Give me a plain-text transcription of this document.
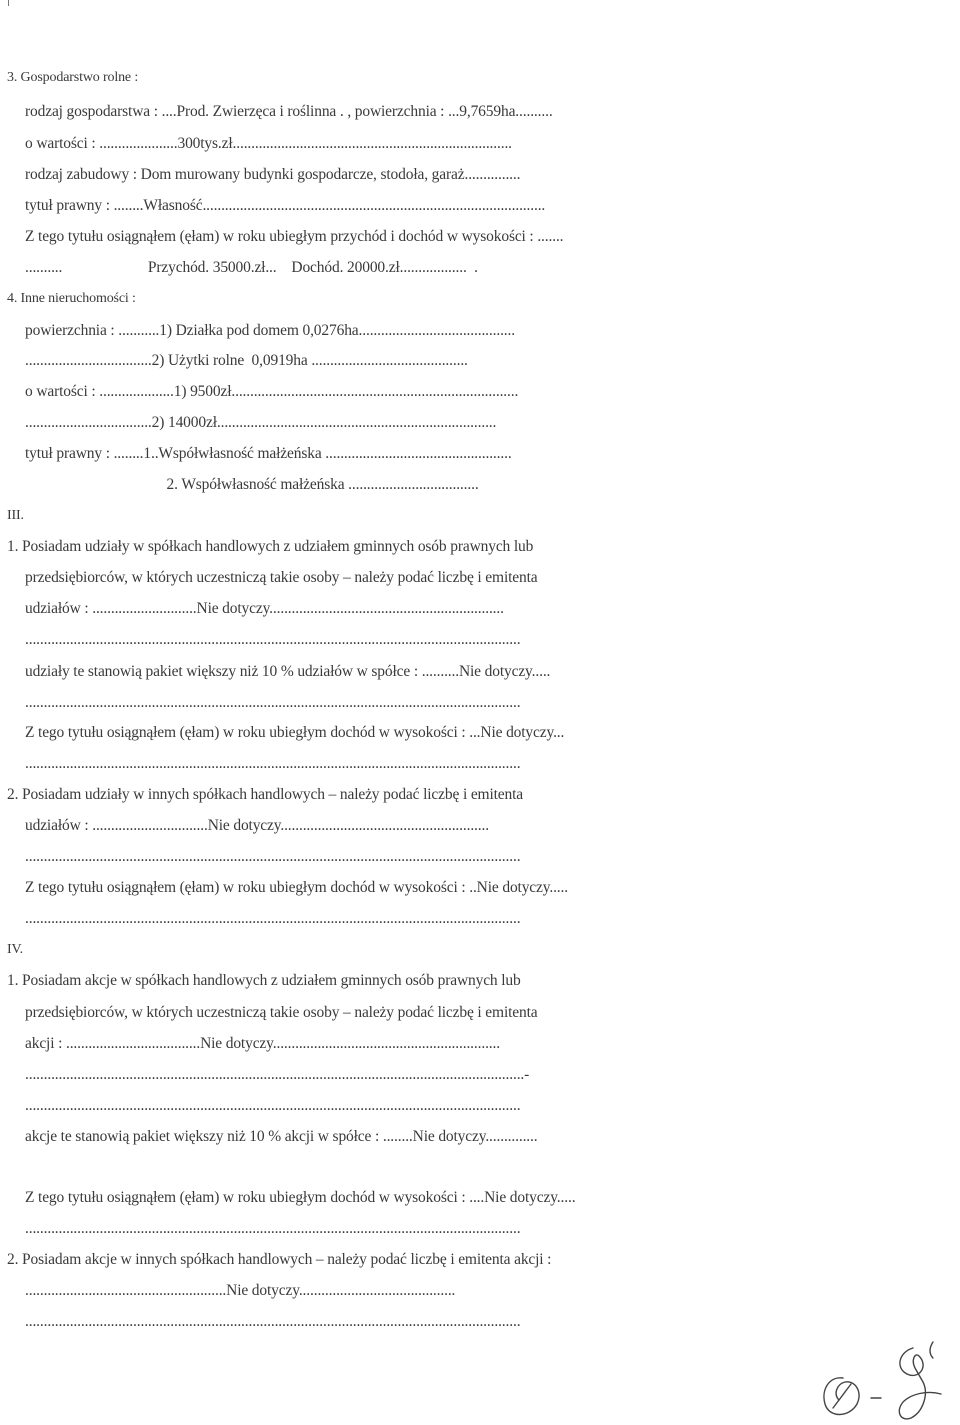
3. Gospodarstwo rolne :
rodzaj gospodarstwa : ....Prod. Zwierzęca i roślinna . , powierzchnia : ...9,7659ha..........
o wartości : .....................300tys.zł...........................................................................
rodzaj zabudowy : Dom murowany budynki gospodarcze, stodoła, garaż...............
tytuł prawny : ........Własność............................................................................................
Z tego tytułu osiągnąłem (ęłam) w roku ubiegłym przychód i dochód w wysokości : .......
..........                       Przychód. 35000.zł...    Dochód. 20000.zł..................  .
4. Inne nieruchomości :
powierzchnia : ...........1) Działka pod domem 0,0276ha..........................................
..................................2) Użytki rolne  0,0919ha ..........................................
o wartości : ....................1) 9500zł.............................................................................
..................................2) 14000zł...........................................................................
tytuł prawny : ........1..Współwłasność małżeńska ..................................................
2. Współwłasność małżeńska ...................................
III.
1. Posiadam udziały w spółkach handlowych z udziałem gminnych osób prawnych lub
przedsiębiorców, w których uczestniczą takie osoby – należy podać liczbę i emitenta
udziałów : ............................Nie dotyczy...............................................................
.....................................................................................................................................
udziały te stanowią pakiet większy niż 10 % udziałów w spółce : ..........Nie dotyczy.....
.....................................................................................................................................
Z tego tytułu osiągnąłem (ęłam) w roku ubiegłym dochód w wysokości : ...Nie dotyczy...
.....................................................................................................................................
2. Posiadam udziały w innych spółkach handlowych – należy podać liczbę i emitenta
udziałów : ...............................Nie dotyczy........................................................
.....................................................................................................................................
Z tego tytułu osiągnąłem (ęłam) w roku ubiegłym dochód w wysokości : ..Nie dotyczy.....
.....................................................................................................................................
IV.
1. Posiadam akcje w spółkach handlowych z udziałem gminnych osób prawnych lub
przedsiębiorców, w których uczestniczą takie osoby – należy podać liczbę i emitenta
akcji : ....................................Nie dotyczy.............................................................
......................................................................................................................................-
.....................................................................................................................................
akcje te stanowią pakiet większy niż 10 % akcji w spółce : ........Nie dotyczy..............
Z tego tytułu osiągnąłem (ęłam) w roku ubiegłym dochód w wysokości : ....Nie dotyczy.....
.....................................................................................................................................
2. Posiadam akcje w innych spółkach handlowych – należy podać liczbę i emitenta akcji :
......................................................Nie dotyczy..........................................
.....................................................................................................................................
